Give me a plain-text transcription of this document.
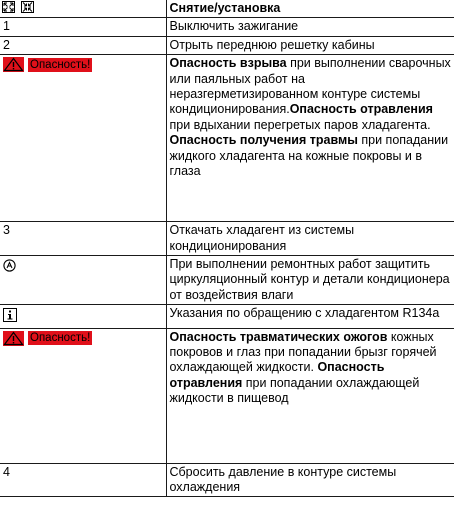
	Снятие/установка
1	Выключить зажигание
2	Отрыть переднюю решетку кабины

Опасность!	Опасность взрыва при выполнении сварочных или паяльных работ на неразгерметизированном контуре системы кондиционирования.Опасность отравления при вдыхании перегретых паров хладагента. Опасность получения травмы при попадании жидкого хладагента на кожные покровы и в глаза
3	Откачать хладагент из системы кондиционирования

	При выполнении ремонтных работ защитить циркуляционный контур и детали кондиционера от воздействия влаги

	Указания по обращению с хладагентом R134a

Опасность!	Опасность травматических ожогов кожных покровов и глаз при попадании брызг горячей охлаждающей жидкости. Опасность отравления при попадании охлаждающей жидкости в пищевод
4	Сбросить давление в контуре системы охлаждения
